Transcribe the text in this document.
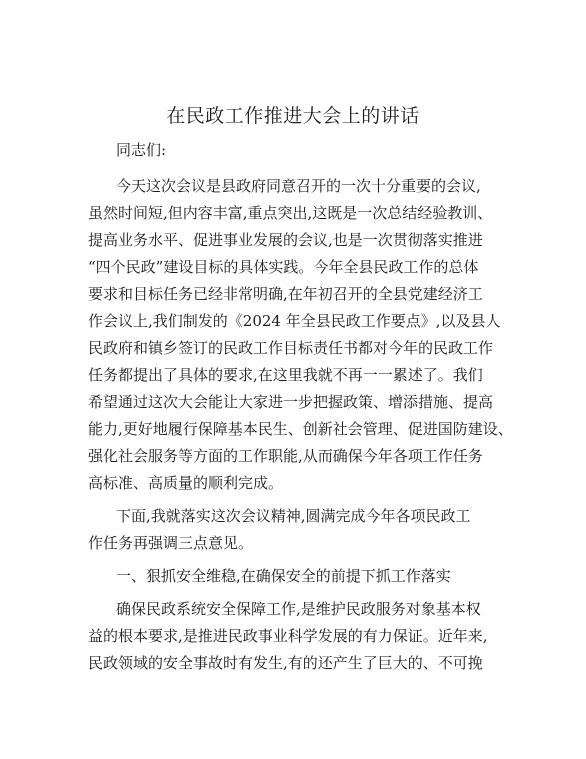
在民政工作推进大会上的讲话
同志们:
今天这次会议是县政府同意召开的一次十分重要的会议,
虽然时间短,但内容丰富,重点突出,这既是一次总结经验教训、
提高业务水平、促进事业发展的会议,也是一次贯彻落实推进
“四个民政”建设目标的具体实践。今年全县民政工作的总体
要求和目标任务已经非常明确,在年初召开的全县党建经济工
作会议上,我们制发的《2024 年全县民政工作要点》,以及县人
民政府和镇乡签订的民政工作目标责任书都对今年的民政工作
任务都提出了具体的要求,在这里我就不再一一累述了。我们
希望通过这次大会能让大家进一步把握政策、增添措施、提高
能力,更好地履行保障基本民生、创新社会管理、促进国防建设、
强化社会服务等方面的工作职能,从而确保今年各项工作任务
高标准、高质量的顺利完成。
下面,我就落实这次会议精神,圆满完成今年各项民政工
作任务再强调三点意见。
一、狠抓安全维稳,在确保安全的前提下抓工作落实
确保民政系统安全保障工作,是维护民政服务对象基本权
益的根本要求,是推进民政事业科学发展的有力保证。近年来,
民政领域的安全事故时有发生,有的还产生了巨大的、不可挽
